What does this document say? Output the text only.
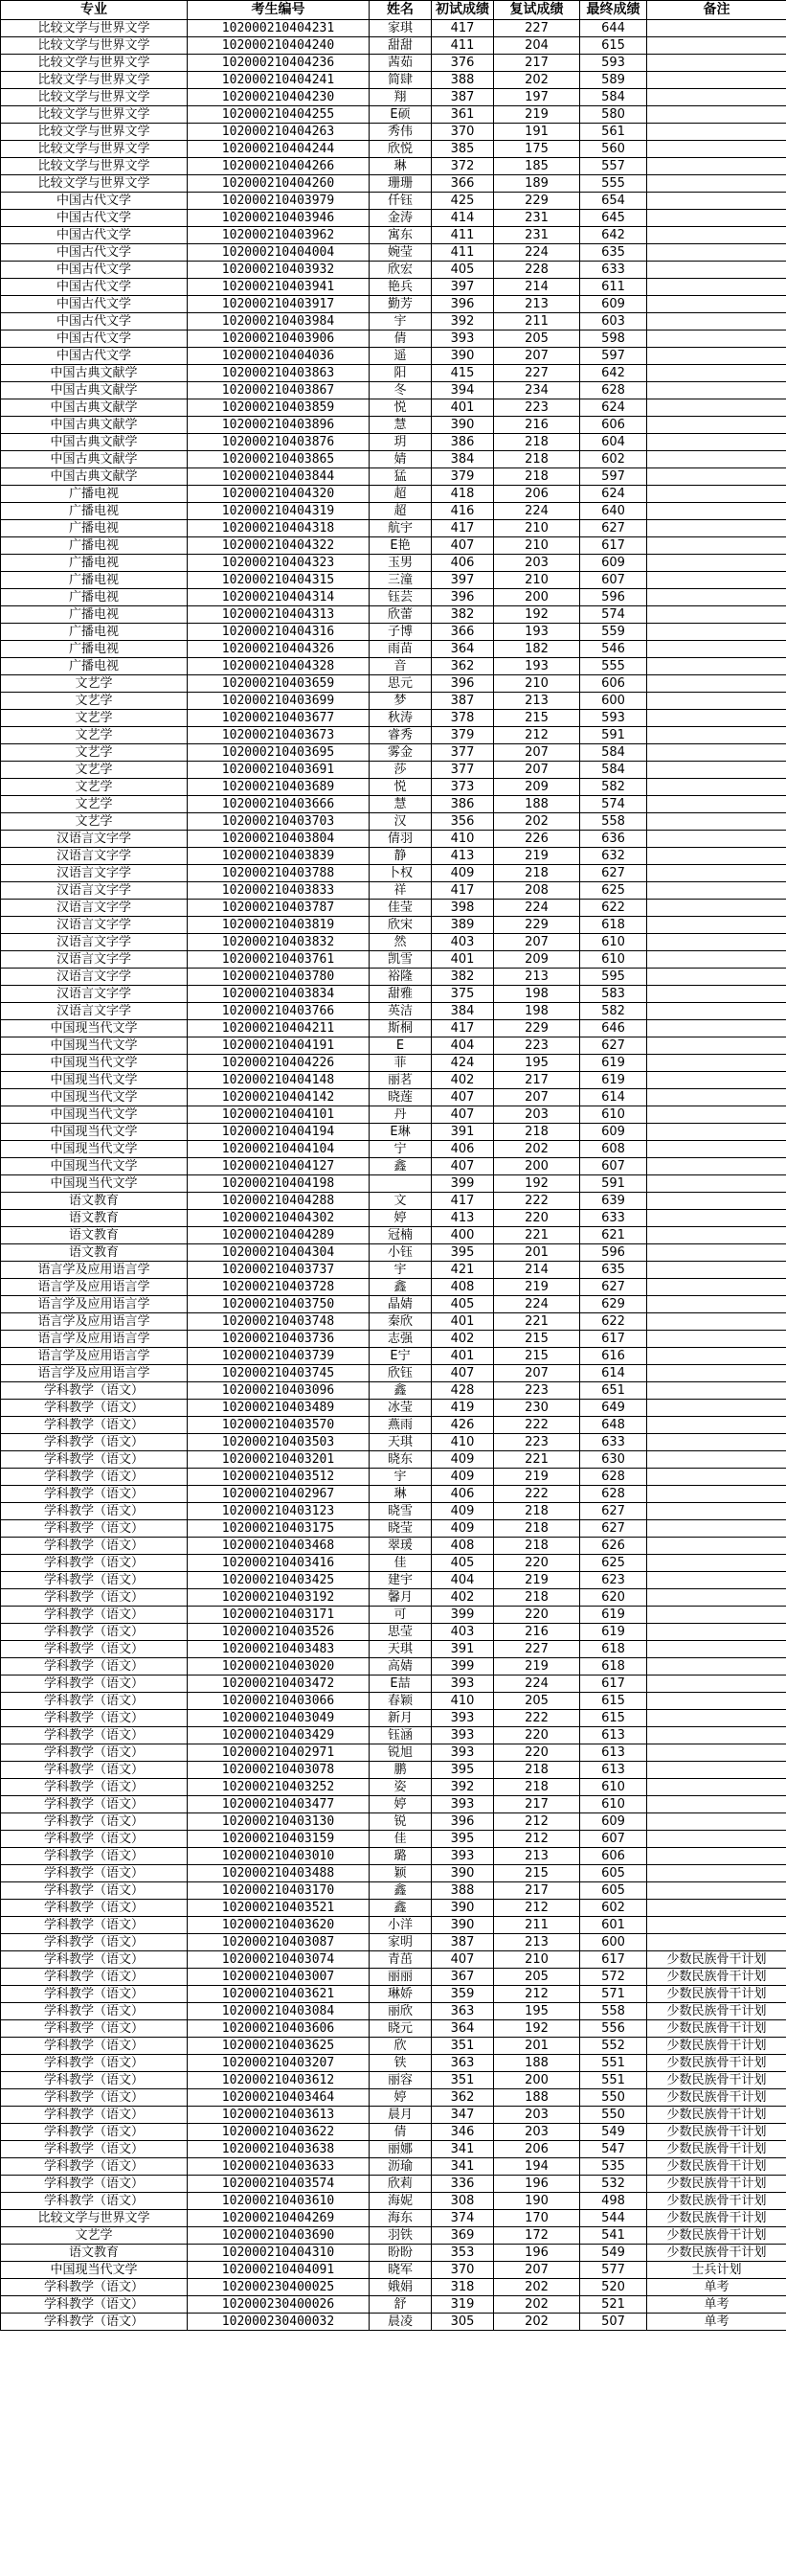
专业	考生编号	姓名	初试成绩	复试成绩	最终成绩	备注
比较文学与世界文学	102000210404231	家琪	417	227	644	
比较文学与世界文学	102000210404240	甜甜	411	204	615	
比较文学与世界文学	102000210404236	茜茹	376	217	593	
比较文学与世界文学	102000210404241	简肆	388	202	589	
比较文学与世界文学	102000210404230	翔	387	197	584	
比较文学与世界文学	102000210404255	E硕	361	219	580	
比较文学与世界文学	102000210404263	秀伟	370	191	561	
比较文学与世界文学	102000210404244	欣悦	385	175	560	
比较文学与世界文学	102000210404266	琳	372	185	557	
比较文学与世界文学	102000210404260	珊珊	366	189	555	
中国古代文学	102000210403979	仟钰	425	229	654	
中国古代文学	102000210403946	金涛	414	231	645	
中国古代文学	102000210403962	寓东	411	231	642	
中国古代文学	102000210404004	婉莹	411	224	635	
中国古代文学	102000210403932	欣宏	405	228	633	
中国古代文学	102000210403941	艳兵	397	214	611	
中国古代文学	102000210403917	勤芳	396	213	609	
中国古代文学	102000210403984	宇	392	211	603	
中国古代文学	102000210403906	倩	393	205	598	
中国古代文学	102000210404036	遥	390	207	597	
中国古典文献学	102000210403863	阳	415	227	642	
中国古典文献学	102000210403867	冬	394	234	628	
中国古典文献学	102000210403859	悦	401	223	624	
中国古典文献学	102000210403896	慧	390	216	606	
中国古典文献学	102000210403876	玥	386	218	604	
中国古典文献学	102000210403865	婧	384	218	602	
中国古典文献学	102000210403844	猛	379	218	597	
广播电视	102000210404320	超	418	206	624	
广播电视	102000210404319	超	416	224	640	
广播电视	102000210404318	航宇	417	210	627	
广播电视	102000210404322	E艳	407	210	617	
广播电视	102000210404323	玉男	406	203	609	
广播电视	102000210404315	三潼	397	210	607	
广播电视	102000210404314	钰芸	396	200	596	
广播电视	102000210404313	欣蕾	382	192	574	
广播电视	102000210404316	子博	366	193	559	
广播电视	102000210404326	雨苗	364	182	546	
广播电视	102000210404328	音	362	193	555	
文艺学	102000210403659	思元	396	210	606	
文艺学	102000210403699	梦	387	213	600	
文艺学	102000210403677	秋涛	378	215	593	
文艺学	102000210403673	睿秀	379	212	591	
文艺学	102000210403695	雾金	377	207	584	
文艺学	102000210403691	莎	377	207	584	
文艺学	102000210403689	悦	373	209	582	
文艺学	102000210403666	慧	386	188	574	
文艺学	102000210403703	汉	356	202	558	
汉语言文字学	102000210403804	倩羽	410	226	636	
汉语言文字学	102000210403839	静	413	219	632	
汉语言文字学	102000210403788	卜权	409	218	627	
汉语言文字学	102000210403833	祥	417	208	625	
汉语言文字学	102000210403787	佳莹	398	224	622	
汉语言文字学	102000210403819	欣宋	389	229	618	
汉语言文字学	102000210403832	然	403	207	610	
汉语言文字学	102000210403761	凯雪	401	209	610	
汉语言文字学	102000210403780	裕隆	382	213	595	
汉语言文字学	102000210403834	甜雅	375	198	583	
汉语言文字学	102000210403766	英洁	384	198	582	
中国现当代文学	102000210404211	斯桐	417	229	646	
中国现当代文学	102000210404191	E	404	223	627	
中国现当代文学	102000210404226	菲	424	195	619	
中国现当代文学	102000210404148	丽茗	402	217	619	
中国现当代文学	102000210404142	晓莲	407	207	614	
中国现当代文学	102000210404101	丹	407	203	610	
中国现当代文学	102000210404194	E琳	391	218	609	
中国现当代文学	102000210404104	宁	406	202	608	
中国现当代文学	102000210404127	鑫	407	200	607	
中国现当代文学	102000210404198		399	192	591	
语文教育	102000210404288	文	417	222	639	
语文教育	102000210404302	婷	413	220	633	
语文教育	102000210404289	冠楠	400	221	621	
语文教育	102000210404304	小钰	395	201	596	
语言学及应用语言学	102000210403737	宇	421	214	635	
语言学及应用语言学	102000210403728	鑫	408	219	627	
语言学及应用语言学	102000210403750	晶婧	405	224	629	
语言学及应用语言学	102000210403748	秦欣	401	221	622	
语言学及应用语言学	102000210403736	志强	402	215	617	
语言学及应用语言学	102000210403739	E宁	401	215	616	
语言学及应用语言学	102000210403745	欣钰	407	207	614	
学科教学（语文）	102000210403096	鑫	428	223	651	
学科教学（语文）	102000210403489	冰莹	419	230	649	
学科教学（语文）	102000210403570	燕雨	426	222	648	
学科教学（语文）	102000210403503	天琪	410	223	633	
学科教学（语文）	102000210403201	晓东	409	221	630	
学科教学（语文）	102000210403512	宇	409	219	628	
学科教学（语文）	102000210402967	琳	406	222	628	
学科教学（语文）	102000210403123	晓雪	409	218	627	
学科教学（语文）	102000210403175	晓莹	409	218	627	
学科教学（语文）	102000210403468	翠瑗	408	218	626	
学科教学（语文）	102000210403416	佳	405	220	625	
学科教学（语文）	102000210403425	建宇	404	219	623	
学科教学（语文）	102000210403192	馨月	402	218	620	
学科教学（语文）	102000210403171	可	399	220	619	
学科教学（语文）	102000210403526	思莹	403	216	619	
学科教学（语文）	102000210403483	天琪	391	227	618	
学科教学（语文）	102000210403020	高婧	399	219	618	
学科教学（语文）	102000210403472	E喆	393	224	617	
学科教学（语文）	102000210403066	春颖	410	205	615	
学科教学（语文）	102000210403049	新月	393	222	615	
学科教学（语文）	102000210403429	钰涵	393	220	613	
学科教学（语文）	102000210402971	锐旭	393	220	613	
学科教学（语文）	102000210403078	鹏	395	218	613	
学科教学（语文）	102000210403252	姿	392	218	610	
学科教学（语文）	102000210403477	婷	393	217	610	
学科教学（语文）	102000210403130	锐	396	212	609	
学科教学（语文）	102000210403159	佳	395	212	607	
学科教学（语文）	102000210403010	璐	393	213	606	
学科教学（语文）	102000210403488	颖	390	215	605	
学科教学（语文）	102000210403170	鑫	388	217	605	
学科教学（语文）	102000210403521	鑫	390	212	602	
学科教学（语文）	102000210403620	小洋	390	211	601	
学科教学（语文）	102000210403087	家明	387	213	600	
学科教学（语文）	102000210403074	青茁	407	210	617	少数民族骨干计划
学科教学（语文）	102000210403007	丽丽	367	205	572	少数民族骨干计划
学科教学（语文）	102000210403621	琳娇	359	212	571	少数民族骨干计划
学科教学（语文）	102000210403084	丽欣	363	195	558	少数民族骨干计划
学科教学（语文）	102000210403606	晓元	364	192	556	少数民族骨干计划
学科教学（语文）	102000210403625	欣	351	201	552	少数民族骨干计划
学科教学（语文）	102000210403207	铁	363	188	551	少数民族骨干计划
学科教学（语文）	102000210403612	丽容	351	200	551	少数民族骨干计划
学科教学（语文）	102000210403464	婷	362	188	550	少数民族骨干计划
学科教学（语文）	102000210403613	晨月	347	203	550	少数民族骨干计划
学科教学（语文）	102000210403622	倩	346	203	549	少数民族骨干计划
学科教学（语文）	102000210403638	丽娜	341	206	547	少数民族骨干计划
学科教学（语文）	102000210403633	沥瑜	341	194	535	少数民族骨干计划
学科教学（语文）	102000210403574	欣莉	336	196	532	少数民族骨干计划
学科教学（语文）	102000210403610	海妮	308	190	498	少数民族骨干计划
比较文学与世界文学	102000210404269	海东	374	170	544	少数民族骨干计划
文艺学	102000210403690	羽铁	369	172	541	少数民族骨干计划
语文教育	102000210404310	盼盼	353	196	549	少数民族骨干计划
中国现当代文学	102000210404091	晓军	370	207	577	士兵计划
学科教学（语文）	102000230400025	娥娟	318	202	520	单考
学科教学（语文）	102000230400026	舒	319	202	521	单考
学科教学（语文）	102000230400032	晨凌	305	202	507	单考
